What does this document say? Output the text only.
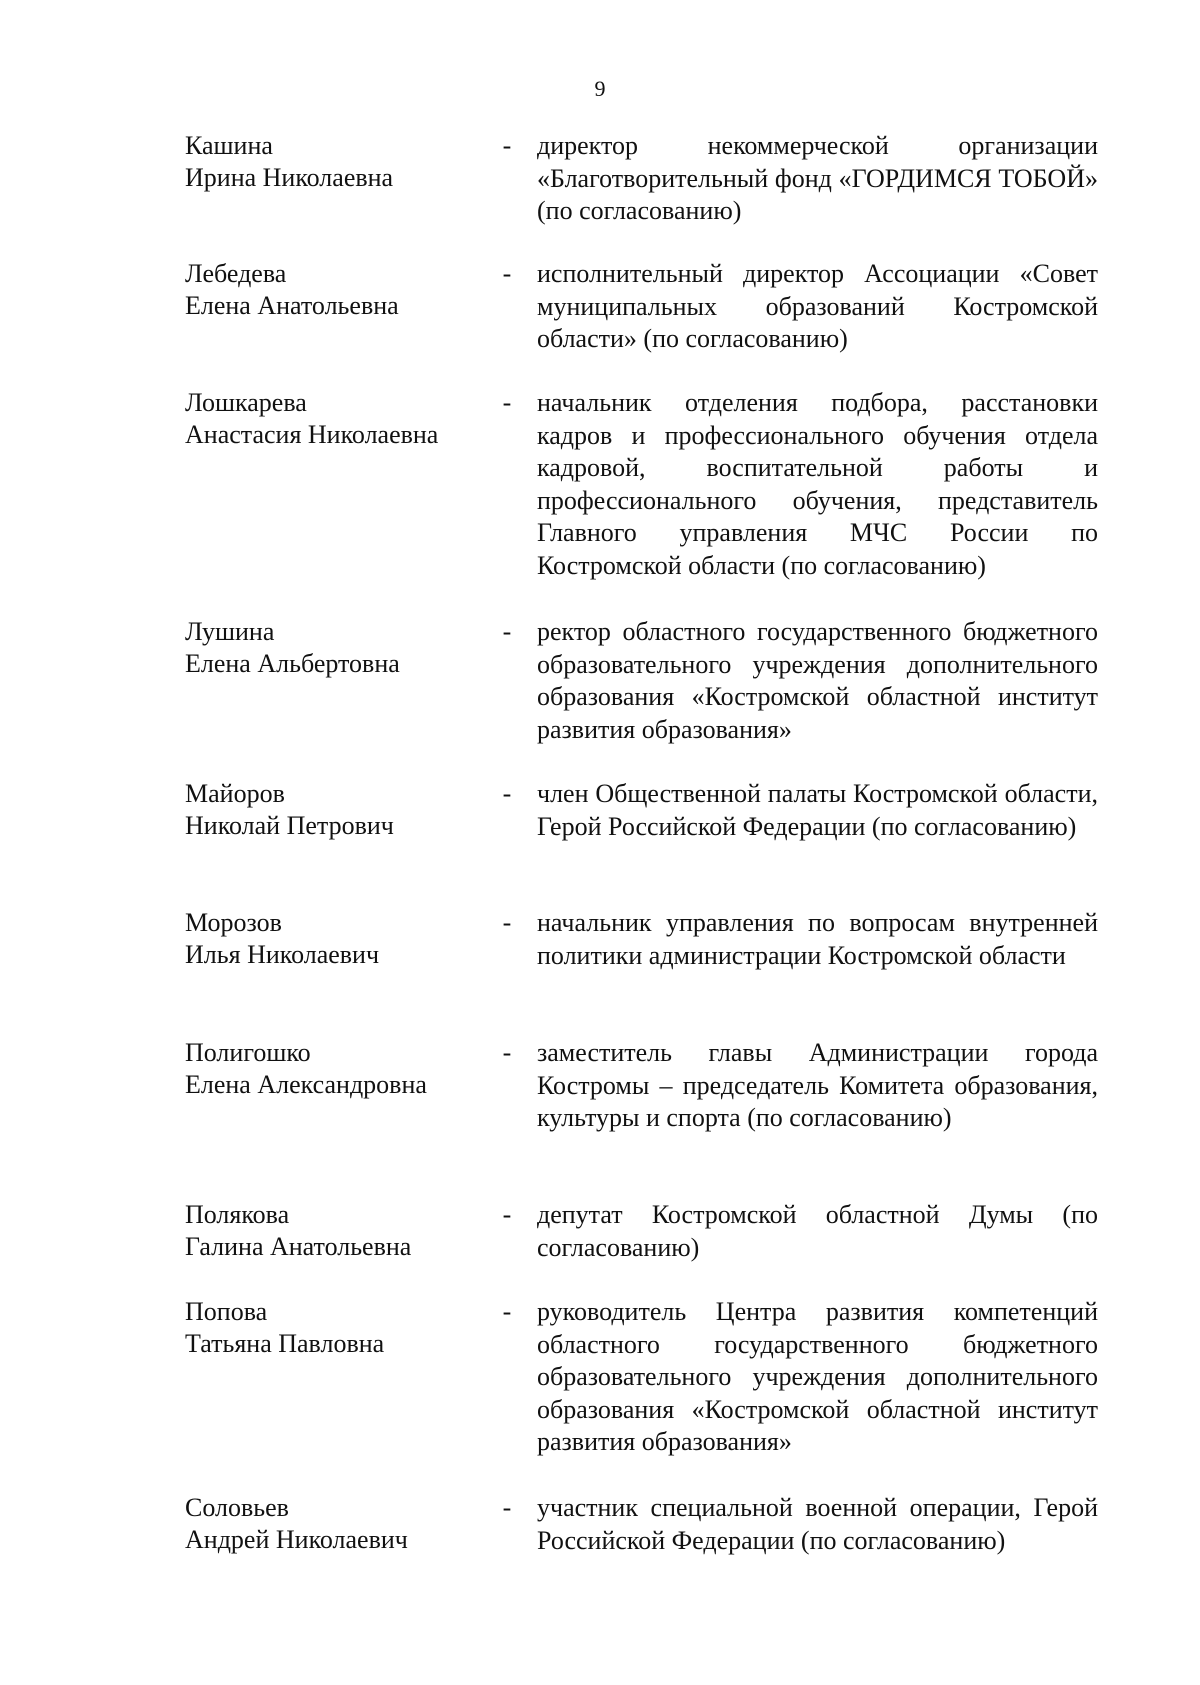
9
Кашина
Ирина Николаевна
- директор некоммерческой организации «Благотворительный фонд «ГОРДИМСЯ ТОБОЙ» (по согласованию)
Лебедева
Елена Анатольевна
- исполнительный директор Ассоциации «Совет муниципальных образований Костромской области» (по согласованию)
Лошкарева
Анастасия Николаевна
- начальник отделения подбора, расстановки кадров и профессионального обучения отдела кадровой, воспитательной работы и профессионального обучения, представитель Главного управления МЧС России по Костромской области (по согласованию)
Лушина
Елена Альбертовна
- ректор областного государственного бюджетного образовательного учреждения дополнительного образования «Костромской областной институт развития образования»
Майоров
Николай Петрович
- член Общественной палаты Костромской области, Герой Российской Федерации (по согласованию)
Морозов
Илья Николаевич
- начальник управления по вопросам внутренней политики администрации Костромской области
Полигошко
Елена Александровна
- заместитель главы Администрации города Костромы – председатель Комитета образования, культуры и спорта (по согласованию)
Полякова
Галина Анатольевна
- депутат Костромской областной Думы (по согласованию)
Попова
Татьяна Павловна
- руководитель Центра развития компетенций областного государственного бюджетного образовательного учреждения дополнительного образования «Костромской областной институт развития образования»
Соловьев
Андрей Николаевич
- участник специальной военной операции, Герой Российской Федерации (по согласованию)
